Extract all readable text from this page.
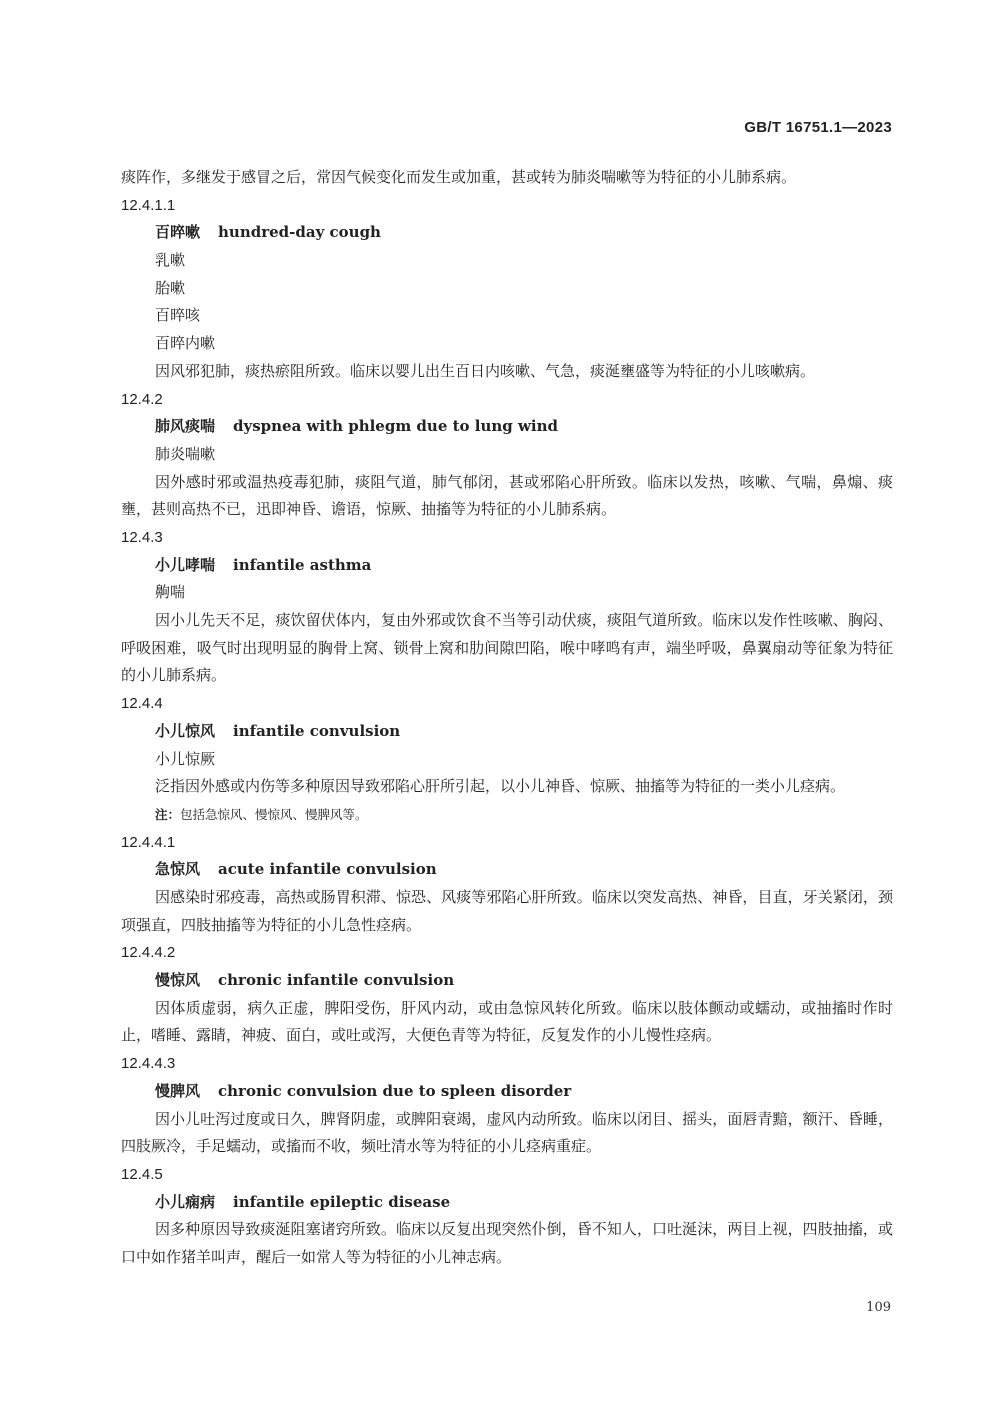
GB/T 16751.1—2023
痰阵作，多继发于感冒之后，常因气候变化而发生或加重，甚或转为肺炎喘嗽等为特征的小儿肺系病。
12.4.1.1
百晬嗽 hundred-day cough
乳嗽
胎嗽
百晬咳
百晬内嗽
因风邪犯肺，痰热瘀阻所致。临床以婴儿出生百日内咳嗽、气急，痰涎壅盛等为特征的小儿咳嗽病。
12.4.2
肺风痰喘 dyspnea with phlegm due to lung wind
肺炎喘嗽
因外感时邪或温热疫毒犯肺，痰阻气道，肺气郁闭，甚或邪陷心肝所致。临床以发热，咳嗽、气喘，鼻煽、痰壅，甚则高热不已，迅即神昏、谵语，惊厥、抽搐等为特征的小儿肺系病。
12.4.3
小儿哮喘 infantile asthma
齁喘
因小儿先天不足，痰饮留伏体内，复由外邪或饮食不当等引动伏痰，痰阻气道所致。临床以发作性咳嗽、胸闷、呼吸困难，吸气时出现明显的胸骨上窝、锁骨上窝和肋间隙凹陷，喉中哮鸣有声，端坐呼吸，鼻翼扇动等征象为特征的小儿肺系病。
12.4.4
小儿惊风 infantile convulsion
小儿惊厥
泛指因外感或内伤等多种原因导致邪陷心肝所引起，以小儿神昏、惊厥、抽搐等为特征的一类小儿痉病。
注：包括急惊风、慢惊风、慢脾风等。
12.4.4.1
急惊风 acute infantile convulsion
因感染时邪疫毒，高热或肠胃积滞、惊恐、风痰等邪陷心肝所致。临床以突发高热、神昏，目直，牙关紧闭，颈项强直，四肢抽搐等为特征的小儿急性痉病。
12.4.4.2
慢惊风 chronic infantile convulsion
因体质虚弱，病久正虚，脾阳受伤，肝风内动，或由急惊风转化所致。临床以肢体颤动或蠕动，或抽搐时作时止，嗜睡、露睛，神疲、面白，或吐或泻，大便色青等为特征，反复发作的小儿慢性痉病。
12.4.4.3
慢脾风 chronic convulsion due to spleen disorder
因小儿吐泻过度或日久，脾肾阴虚，或脾阳衰竭，虚风内动所致。临床以闭目、摇头，面唇青黯，额汗、昏睡，四肢厥冷，手足蠕动，或搐而不收，频吐清水等为特征的小儿痉病重症。
12.4.5
小儿痫病 infantile epileptic disease
因多种原因导致痰涎阻塞诸窍所致。临床以反复出现突然仆倒，昏不知人，口吐涎沫，两目上视，四肢抽搐，或口中如作猪羊叫声，醒后一如常人等为特征的小儿神志病。
109
